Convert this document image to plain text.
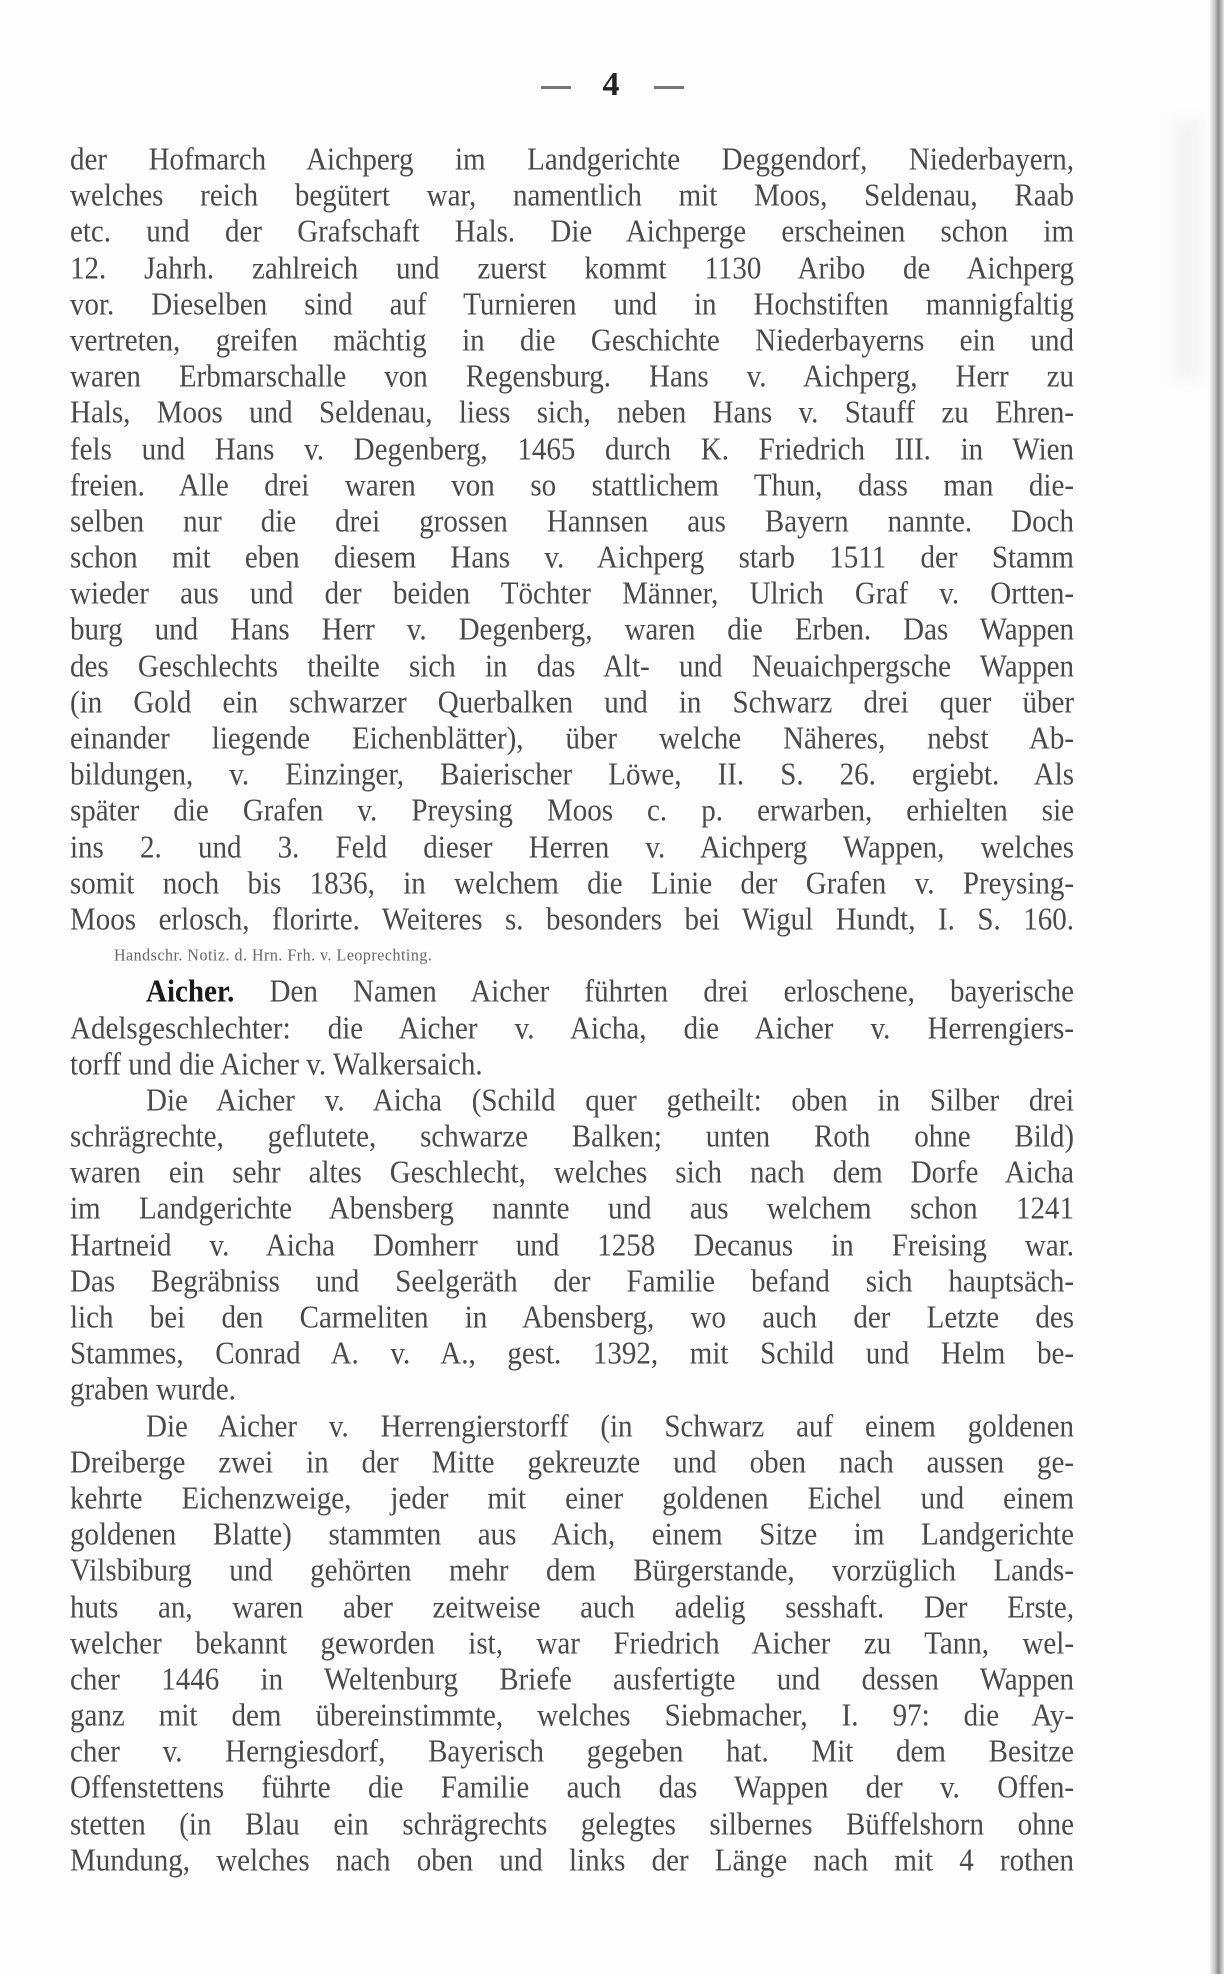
4
der Hofmarch Aichperg im Landgerichte Deggendorf, Niederbayern,
welches reich begütert war, namentlich mit Moos, Seldenau, Raab
etc. und der Grafschaft Hals. Die Aichperge erscheinen schon im
12. Jahrh. zahlreich und zuerst kommt 1130 Aribo de Aichperg
vor. Dieselben sind auf Turnieren und in Hochstiften mannigfaltig
vertreten, greifen mächtig in die Geschichte Niederbayerns ein und
waren Erbmarschalle von Regensburg. Hans v. Aichperg, Herr zu
Hals, Moos und Seldenau, liess sich, neben Hans v. Stauff zu Ehren-
fels und Hans v. Degenberg, 1465 durch K. Friedrich III. in Wien
freien. Alle drei waren von so stattlichem Thun, dass man die-
selben nur die drei grossen Hannsen aus Bayern nannte. Doch
schon mit eben diesem Hans v. Aichperg starb 1511 der Stamm
wieder aus und der beiden Töchter Männer, Ulrich Graf v. Ortten-
burg und Hans Herr v. Degenberg, waren die Erben. Das Wappen
des Geschlechts theilte sich in das Alt- und Neuaichpergsche Wappen
(in Gold ein schwarzer Querbalken und in Schwarz drei quer über
einander liegende Eichenblätter), über welche Näheres, nebst Ab-
bildungen, v. Einzinger, Baierischer Löwe, II. S. 26. ergiebt. Als
später die Grafen v. Preysing Moos c. p. erwarben, erhielten sie
ins 2. und 3. Feld dieser Herren v. Aichperg Wappen, welches
somit noch bis 1836, in welchem die Linie der Grafen v. Preysing-
Moos erlosch, florirte. Weiteres s. besonders bei Wigul Hundt, I. S. 160.
Handschr. Notiz. d. Hrn. Frh. v. Leoprechting.
Aicher. Den Namen Aicher führten drei erloschene, bayerische
Adelsgeschlechter: die Aicher v. Aicha, die Aicher v. Herrengiers-
torff und die Aicher v. Walkersaich.
Die Aicher v. Aicha (Schild quer getheilt: oben in Silber drei
schrägrechte, geflutete, schwarze Balken; unten Roth ohne Bild)
waren ein sehr altes Geschlecht, welches sich nach dem Dorfe Aicha
im Landgerichte Abensberg nannte und aus welchem schon 1241
Hartneid v. Aicha Domherr und 1258 Decanus in Freising war.
Das Begräbniss und Seelgeräth der Familie befand sich hauptsäch-
lich bei den Carmeliten in Abensberg, wo auch der Letzte des
Stammes, Conrad A. v. A., gest. 1392, mit Schild und Helm be-
graben wurde.
Die Aicher v. Herrengierstorff (in Schwarz auf einem goldenen
Dreiberge zwei in der Mitte gekreuzte und oben nach aussen ge-
kehrte Eichenzweige, jeder mit einer goldenen Eichel und einem
goldenen Blatte) stammten aus Aich, einem Sitze im Landgerichte
Vilsbiburg und gehörten mehr dem Bürgerstande, vorzüglich Lands-
huts an, waren aber zeitweise auch adelig sesshaft. Der Erste,
welcher bekannt geworden ist, war Friedrich Aicher zu Tann, wel-
cher 1446 in Weltenburg Briefe ausfertigte und dessen Wappen
ganz mit dem übereinstimmte, welches Siebmacher, I. 97: die Ay-
cher v. Herngiesdorf, Bayerisch gegeben hat. Mit dem Besitze
Offenstettens führte die Familie auch das Wappen der v. Offen-
stetten (in Blau ein schrägrechts gelegtes silbernes Büffelshorn ohne
Mundung, welches nach oben und links der Länge nach mit 4 rothen
